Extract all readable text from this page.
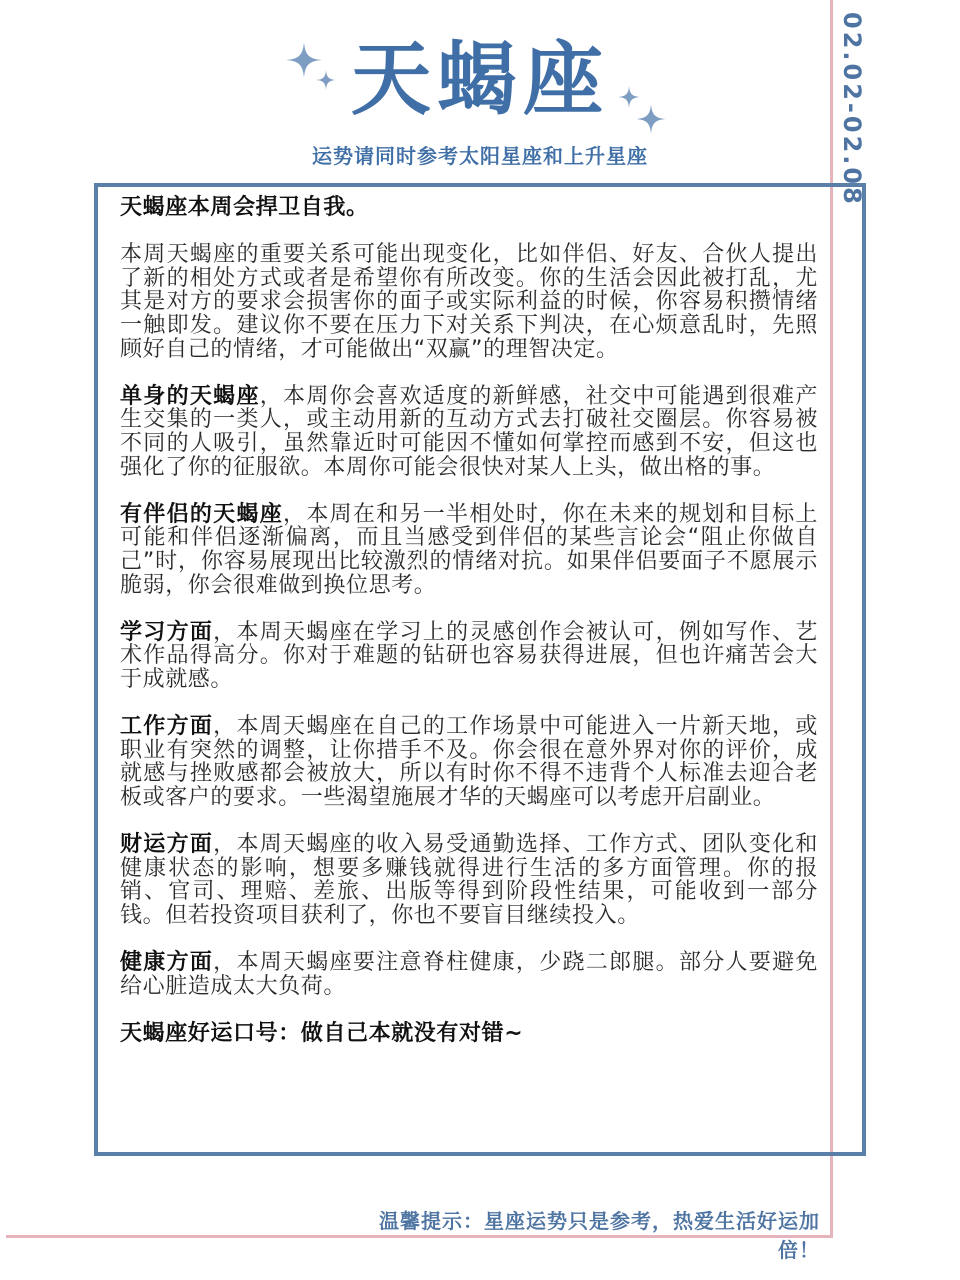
02.02-02.08
天蝎座
运势请同时参考太阳星座和上升星座

天蝎座本周会捍卫自我。

本周天蝎座的重要关系可能出现变化，比如伴侣、好友、合伙人提出了新的相处方式或者是希望你有所改变。你的生活会因此被打乱，尤其是对方的要求会损害你的面子或实际利益的时候，你容易积攒情绪一触即发。建议你不要在压力下对关系下判决，在心烦意乱时，先照顾好自己的情绪，才可能做出“双赢”的理智决定。

单身的天蝎座，本周你会喜欢适度的新鲜感，社交中可能遇到很难产生交集的一类人，或主动用新的互动方式去打破社交圈层。你容易被不同的人吸引，虽然靠近时可能因不懂如何掌控而感到不安，但这也强化了你的征服欲。本周你可能会很快对某人上头，做出格的事。

有伴侣的天蝎座，本周在和另一半相处时，你在未来的规划和目标上可能和伴侣逐渐偏离，而且当感受到伴侣的某些言论会“阻止你做自己”时，你容易展现出比较激烈的情绪对抗。如果伴侣要面子不愿展示脆弱，你会很难做到换位思考。

学习方面，本周天蝎座在学习上的灵感创作会被认可，例如写作、艺术作品得高分。你对于难题的钻研也容易获得进展，但也许痛苦会大于成就感。

工作方面，本周天蝎座在自己的工作场景中可能进入一片新天地，或职业有突然的调整，让你措手不及。你会很在意外界对你的评价，成就感与挫败感都会被放大，所以有时你不得不违背个人标准去迎合老板或客户的要求。一些渴望施展才华的天蝎座可以考虑开启副业。

财运方面，本周天蝎座的收入易受通勤选择、工作方式、团队变化和健康状态的影响，想要多赚钱就得进行生活的多方面管理。你的报销、官司、理赔、差旅、出版等得到阶段性结果，可能收到一部分钱。但若投资项目获利了，你也不要盲目继续投入。

健康方面，本周天蝎座要注意脊柱健康，少跷二郎腿。部分人要避免给心脏造成太大负荷。

天蝎座好运口号：做自己本就没有对错~

温馨提示：星座运势只是参考，热爱生活好运加倍！
